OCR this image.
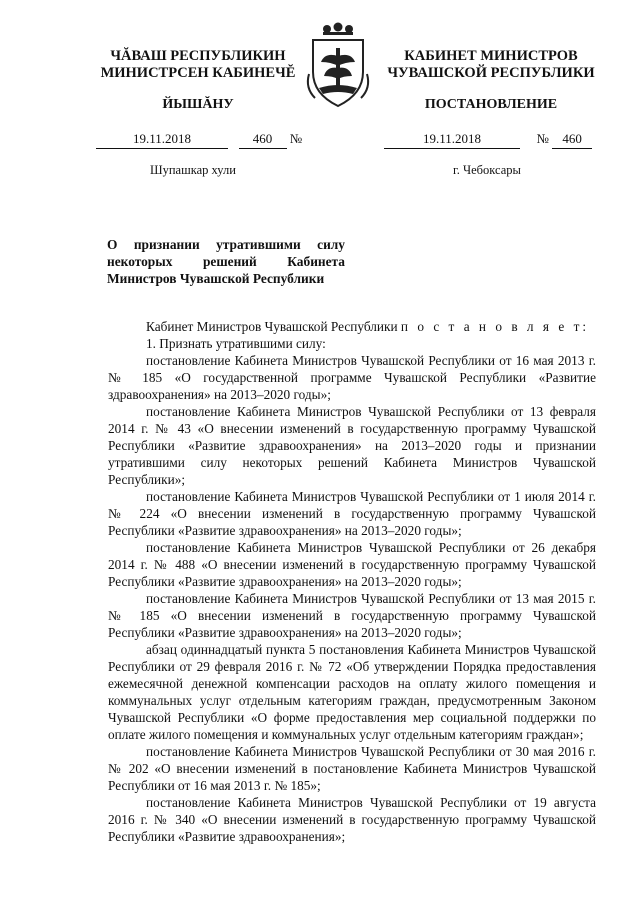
ЧĂВАШ РЕСПУБЛИКИН
МИНИСТРСЕН КАБИНЕЧĔ
ЙЫШĂНУ
КАБИНЕТ МИНИСТРОВ
ЧУВАШСКОЙ РЕСПУБЛИКИ
ПОСТАНОВЛЕНИЕ
19.11.2018	460 №	19.11.2018	№ 460
Шупашкар хули	г. Чебоксары
О признании утратившими силу некоторых решений Кабинета Министров Чувашской Республики

Кабинет Министров Чувашской Республики п о с т а н о в л я е т:

1. Признать утратившими силу:

постановление Кабинета Министров Чувашской Республики от 16 мая 2013 г. № 185 «О государственной программе Чувашской Республики «Развитие здравоохранения» на 2013–2020 годы»;

постановление Кабинета Министров Чувашской Республики от 13 февраля 2014 г. № 43 «О внесении изменений в государственную программу Чувашской Республики «Развитие здравоохранения» на 2013–2020 годы и признании утратившими силу некоторых решений Кабинета Министров Чувашской Республики»;

постановление Кабинета Министров Чувашской Республики от 1 июля 2014 г. № 224 «О внесении изменений в государственную программу Чувашской Республики «Развитие здравоохранения» на 2013–2020 годы»;

постановление Кабинета Министров Чувашской Республики от 26 декабря 2014 г. № 488 «О внесении изменений в государственную программу Чувашской Республики «Развитие здравоохранения» на 2013–2020 годы»;

постановление Кабинета Министров Чувашской Республики от 13 мая 2015 г. № 185 «О внесении изменений в государственную программу Чувашской Республики «Развитие здравоохранения» на 2013–2020 годы»;

абзац одиннадцатый пункта 5 постановления Кабинета Министров Чувашской Республики от 29 февраля 2016 г. № 72 «Об утверждении Порядка предоставления ежемесячной денежной компенсации расходов на оплату жилого помещения и коммунальных услуг отдельным категориям граждан, предусмотренным Законом Чувашской Республики «О форме предоставления мер социальной поддержки по оплате жилого помещения и коммунальных услуг отдельным категориям граждан»;

постановление Кабинета Министров Чувашской Республики от 30 мая 2016 г. № 202 «О внесении изменений в постановление Кабинета Министров Чувашской Республики от 16 мая 2013 г. № 185»;

постановление Кабинета Министров Чувашской Республики от 19 августа 2016 г. № 340 «О внесении изменений в государственную программу Чувашской Республики «Развитие здравоохранения»;
